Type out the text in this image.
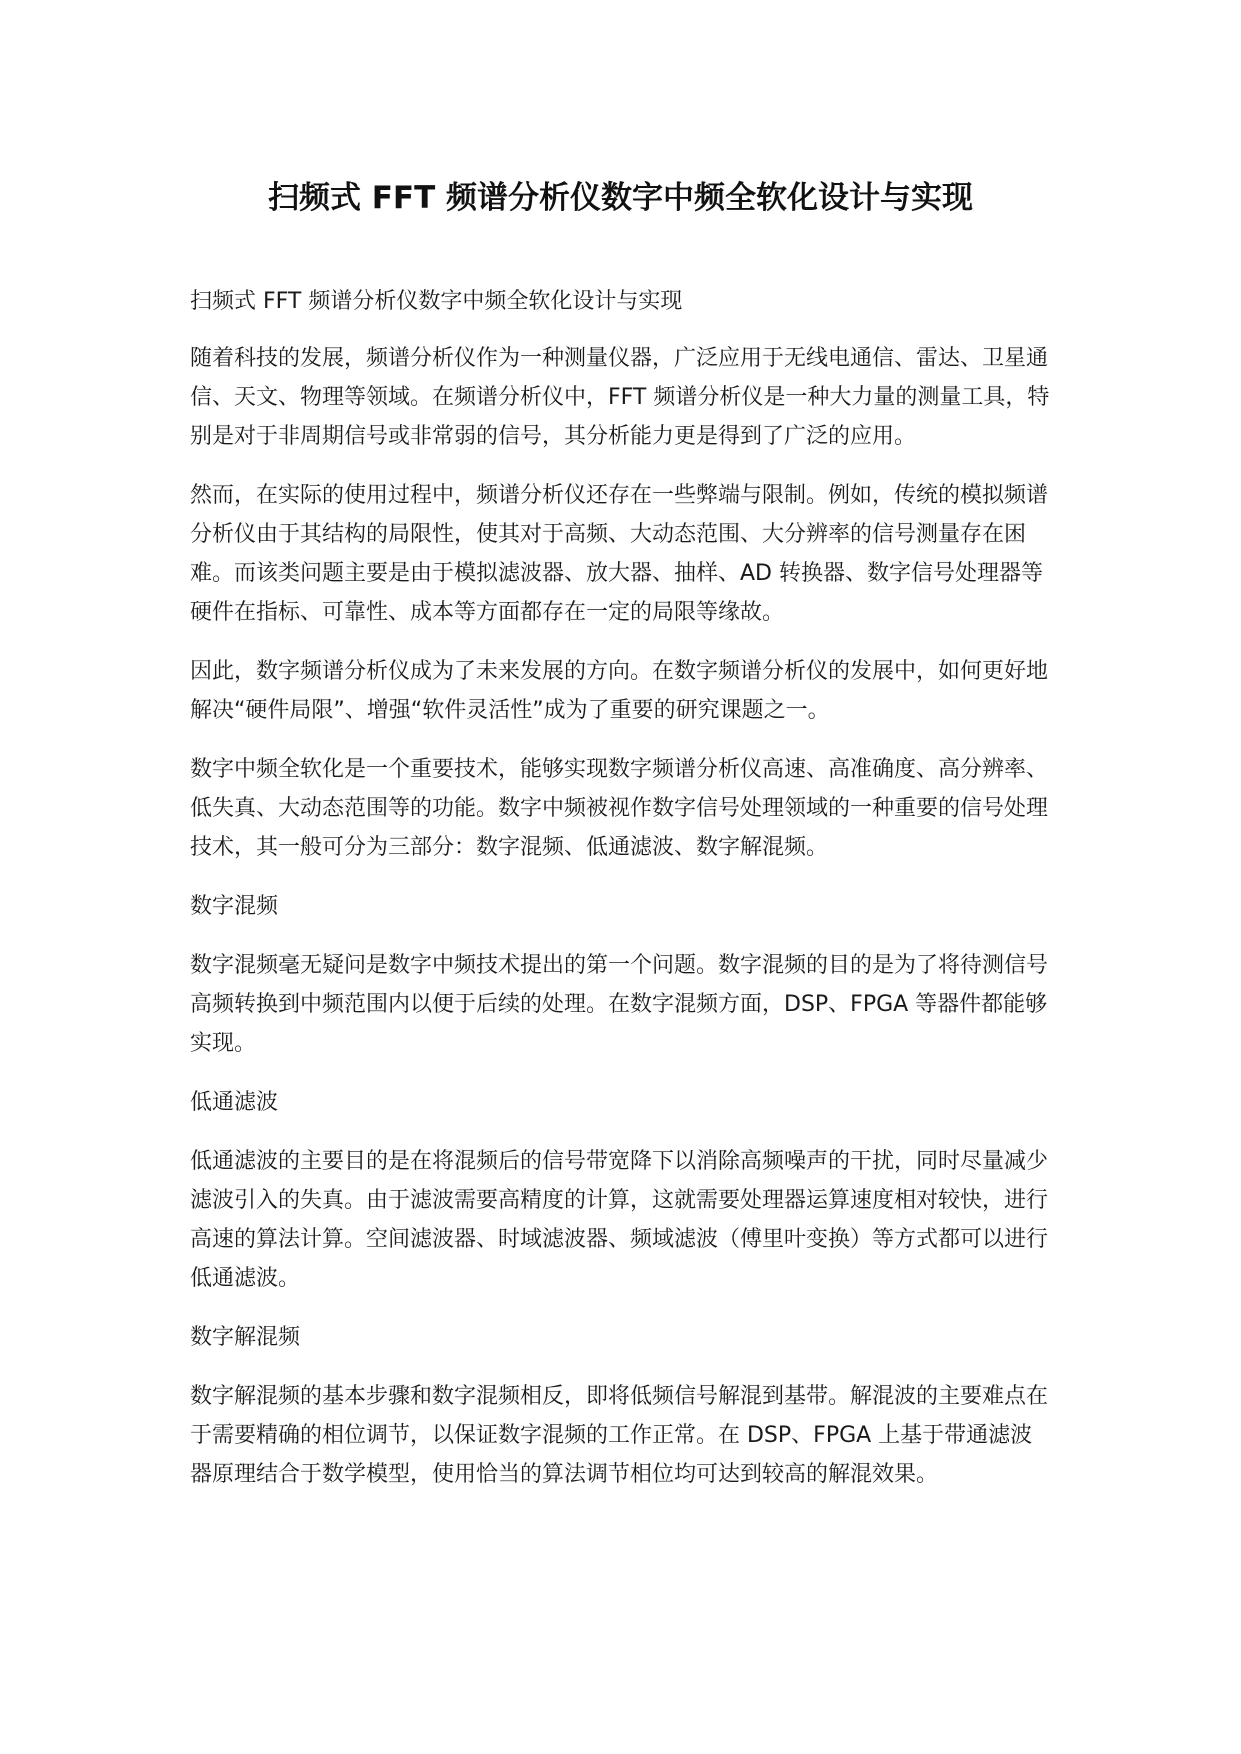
扫频式 FFT 频谱分析仪数字中频全软化设计与实现

扫频式 FFT 频谱分析仪数字中频全软化设计与实现

随着科技的发展，频谱分析仪作为一种测量仪器，广泛应用于无线电通信、雷达、卫星通信、天文、物理等领域。在频谱分析仪中，FFT 频谱分析仪是一种大力量的测量工具，特别是对于非周期信号或非常弱的信号，其分析能力更是得到了广泛的应用。

然而，在实际的使用过程中，频谱分析仪还存在一些弊端与限制。例如，传统的模拟频谱分析仪由于其结构的局限性，使其对于高频、大动态范围、大分辨率的信号测量存在困难。而该类问题主要是由于模拟滤波器、放大器、抽样、AD 转换器、数字信号处理器等硬件在指标、可靠性、成本等方面都存在一定的局限等缘故。

因此，数字频谱分析仪成为了未来发展的方向。在数字频谱分析仪的发展中，如何更好地解决“硬件局限”、增强“软件灵活性”成为了重要的研究课题之一。

数字中频全软化是一个重要技术，能够实现数字频谱分析仪高速、高准确度、高分辨率、低失真、大动态范围等的功能。数字中频被视作数字信号处理领域的一种重要的信号处理技术，其一般可分为三部分：数字混频、低通滤波、数字解混频。

数字混频

数字混频毫无疑问是数字中频技术提出的第一个问题。数字混频的目的是为了将待测信号高频转换到中频范围内以便于后续的处理。在数字混频方面，DSP、FPGA 等器件都能够实现。

低通滤波

低通滤波的主要目的是在将混频后的信号带宽降下以消除高频噪声的干扰，同时尽量减少滤波引入的失真。由于滤波需要高精度的计算，这就需要处理器运算速度相对较快，进行高速的算法计算。空间滤波器、时域滤波器、频域滤波（傅里叶变换）等方式都可以进行低通滤波。

数字解混频

数字解混频的基本步骤和数字混频相反，即将低频信号解混到基带。解混波的主要难点在于需要精确的相位调节，以保证数字混频的工作正常。在 DSP、FPGA 上基于带通滤波器原理结合于数学模型，使用恰当的算法调节相位均可达到较高的解混效果。
